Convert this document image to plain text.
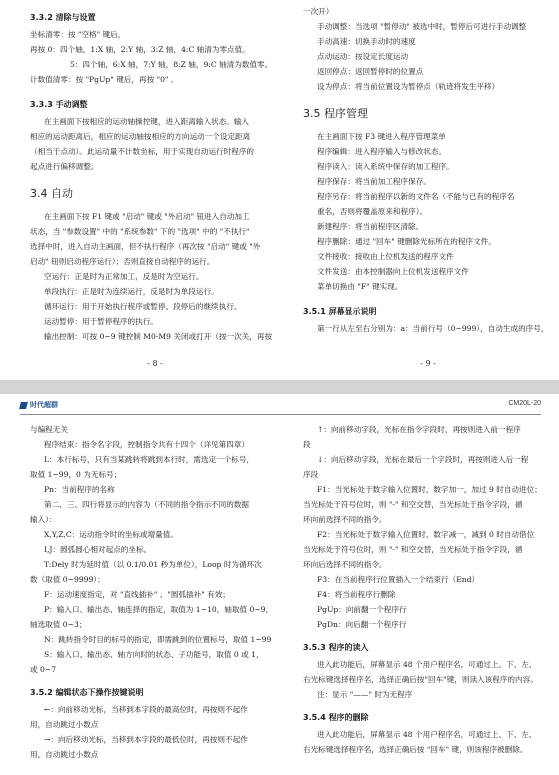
3.3.2 清除与设置
坐标清零：按 "空格" 键后，
再按 0：四个轴，1:X 轴，2:Y 轴，3:Z 轴，4:C 轴清为零点值。
5：四个轴，6:X 轴，7:Y 轴，8:Z 轴，9:C 轴清为数值零。
计数值清零：按 "PgUp" 键后，再按 "0" 。
3.3.3 手动调整
在主画面下按相应的运动轴操控键，进入距离输入状态。输入
相应的运动距离后，相应的运动轴按相应的方向运动一个设定距离
（相当于点动）。此运动量不计数坐标，用于实现自动运行时程序的
起点进行偏移调整。
3.4 自动
在主画面下按 F1 键或 "启动" 键或 "外启动" 钮进入自动加工
状态，当 "参数设置" 中的 "系统参数" 下的 "选项" 中的 "不执行"
选择中时，进入自动主画面，但不执行程序（再次按 "启动" 键或 "外
启动" 钮则启动程序运行）；否则直接自动程序的运行。
空运行：正是时为正常加工，反是时为空运行。
单段执行：正是时为连续运行，反是时为单段运行。
循环运行：用于开始执行程序或暂停、段停后的继续执行。
运动暂停：用于暂停程序的执行。
输出控制：可按 0~9 键控制 M0-M9 关闭或打开（按一次关，再按
- 8 -
一次开）
手动调整：当选项 "暂停动" 被选中时，暂停后可进行手动调整
手动高速：切换手动时的速度
点动运动：按设定长度运动
返回停点：返回暂停时的位置点
设为停点：将当前位置设为暂停点（轨迹将发生平移）
3.5 程序管理
在主画面下按 F3 键进入程序管理菜单
程序编辑：进入程序输入与修改状态。
程序读入：读入系统中保存的加工程序。
程序保存：将当前加工程序保存。
程序另存：将当前程序以新的文件名（不能与已有的程序名
重名，否则将覆盖原来和程序）。
新建程序：将当前程序区清除。
程序删除：通过 "回车" 键删除光标所在的程序文件。
文件接收：接收由上位机发送的程序文件
文件发送：由本控制器向上位机发送程序文件
菜单切换由 "F" 键实现。
3.5.1 屏幕显示说明
第一行从左至右分别为：a：当前行号（0~999），自动生成的序号，
- 9 -
时代超群	CM20L-20
与编程无关
程序结束：指令名字段，控制指令共有十四个（详见第四章）
L：本行标号，只有当某跳转将跳到本行时，需选定一个标号，
取值 1~99，0 为无标号；
Pn：当前程序的名称
第二、三、四行将显示的内容为（不同的指令指示不同的数据
输入）：
X,Y,Z,C：运动指令时的坐标或增量值。
I,J：圆弧圆心相对起点的坐标。
T:Dely 时为延时值（以 0.1/0.01 秒为单位），Loop 时为循环次
数（取值 0~9999）；
F：运动速度指定，对 "直线插补" 、"圆弧插补" 有效；
P：输入口、输出态、轴连择的指定，取值为 1~10，轴取值 0~9，
轴选取值 0~3；
N：跳转指令时目的标号的指定，即需跳到的位置标号，取值 1~99
S：输入口、输出态、轴方向时的状态、子功能号，取值 0 或 1，
或 0~7
3.5.2 编辑状态下操作按键说明
←：向前移动光标，当移到本字段的最高位时，再按则不起作
用，自动跳过小数点
→：向后移动光标，当移到本字段的最低位时，再按则不起作
用，自动跳过小数点
↑：向前移动字段，光标在指令字段时，再按则进入前一程序
段
↓：向后移动字段，光标在最后一个字段时，再按则进入后一程
序段
F1：当光标处于数字输入位置时，数字加一，加过 9 时自动进位；
当光标处于符号位时，则 "-" 和空交替，当光标处于指令字段，循
环向前选择不同的指令。
F2：当光标处于数字输入位置时，数字减一，减到 0 时自动借位
当光标处于符号位时，则 "-" 和空交替，当光标处于指令字段，循
环向后选择不同的指令。
F3：在当前程序行位置插入一个结束行（End）
F4：将当前程序行删除
PgUp：向前翻一个程序行
PgDn：向后翻一个程序行
3.5.3 程序的读入
进入此功能后，屏幕显示 48 个用户程序名，可通过上、下、左、
右光标键选择程序名，选择正确后按"回车"键，则读入该程序的内容。
注：显示 "——" 时为无程序
3.5.4 程序的删除
进入此功能后，屏幕显示 48 个用户程序名，可通过上、下、左、
右光标键选择程序名，选择正确后按 "回车" 键，则该程序被删除。
